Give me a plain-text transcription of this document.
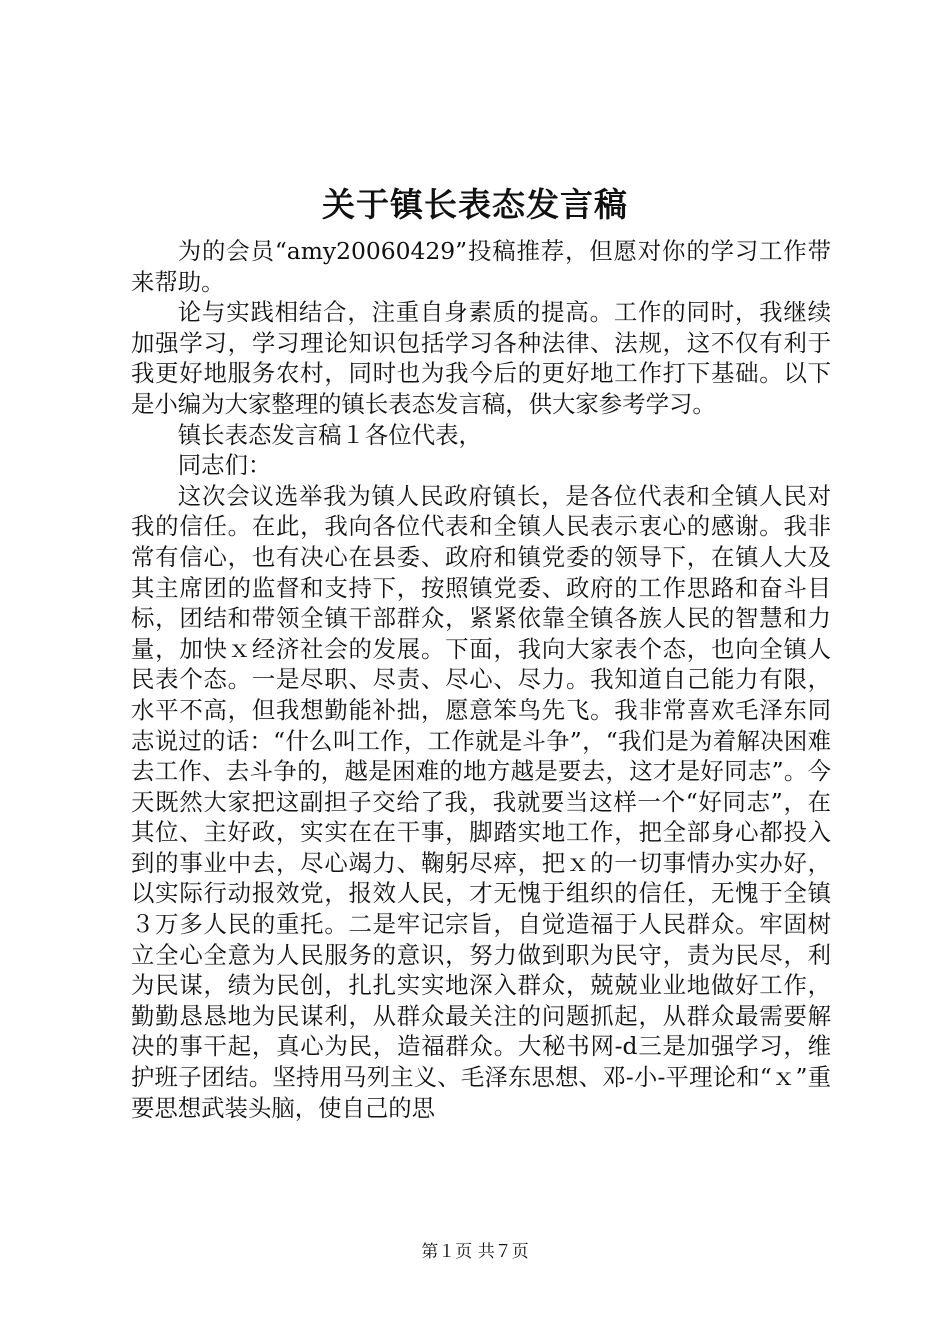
关于镇长表态发言稿

为的会员“amy20060429”投稿推荐，但愿对你的学习工作带来帮助。

论与实践相结合，注重自身素质的提高。工作的同时，我继续加强学习，学习理论知识包括学习各种法律、法规，这不仅有利于我更好地服务农村，同时也为我今后的更好地工作打下基础。以下是小编为大家整理的镇长表态发言稿，供大家参考学习。

镇长表态发言稿１各位代表，

同志们：

这次会议选举我为镇人民政府镇长，是各位代表和全镇人民对我的信任。在此，我向各位代表和全镇人民表示衷心的感谢。我非常有信心，也有决心在县委、政府和镇党委的领导下，在镇人大及其主席团的监督和支持下，按照镇党委、政府的工作思路和奋斗目标，团结和带领全镇干部群众，紧紧依靠全镇各族人民的智慧和力量，加快ｘ经济社会的发展。下面，我向大家表个态，也向全镇人民表个态。一是尽职、尽责、尽心、尽力。我知道自己能力有限，水平不高，但我想勤能补拙，愿意笨鸟先飞。我非常喜欢毛泽东同志说过的话：“什么叫工作，工作就是斗争”，“我们是为着解决困难去工作、去斗争的，越是困难的地方越是要去，这才是好同志”。今天既然大家把这副担子交给了我，我就要当这样一个“好同志”，在其位、主好政，实实在在干事，脚踏实地工作，把全部身心都投入到的事业中去，尽心竭力、鞠躬尽瘁，把ｘ的一切事情办实办好，以实际行动报效党，报效人民，才无愧于组织的信任，无愧于全镇３万多人民的重托。二是牢记宗旨，自觉造福于人民群众。牢固树立全心全意为人民服务的意识，努力做到职为民守，责为民尽，利为民谋，绩为民创，扎扎实实地深入群众，兢兢业业地做好工作，勤勤恳恳地为民谋利，从群众最关注的问题抓起，从群众最需要解决的事干起，真心为民，造福群众。大秘书网-d三是加强学习，维护班子团结。坚持用马列主义、毛泽东思想、邓-小-平理论和“ｘ”重要思想武装头脑，使自己的思

第１页 共７页
